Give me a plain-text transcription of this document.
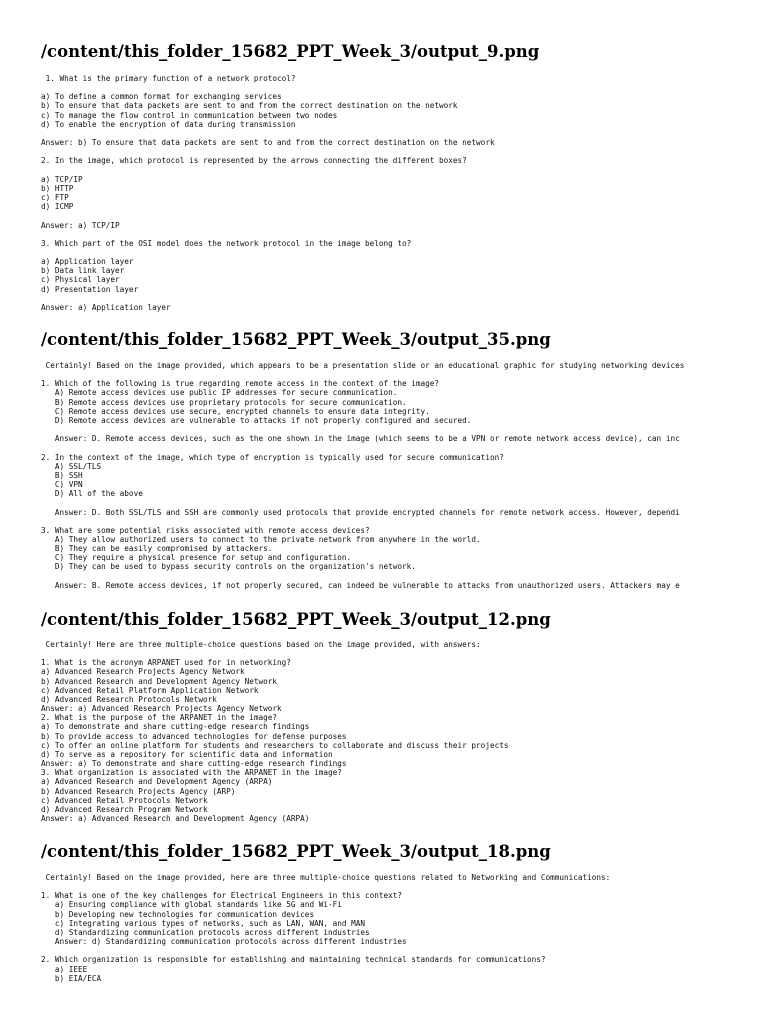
/content/this_folder_15682_PPT_Week_3/output_9.png
1. What is the primary function of a network protocol?

a) To define a common format for exchanging services
b) To ensure that data packets are sent to and from the correct destination on the network
c) To manage the flow control in communication between two nodes
d) To enable the encryption of data during transmission

Answer: b) To ensure that data packets are sent to and from the correct destination on the network

2. In the image, which protocol is represented by the arrows connecting the different boxes?

a) TCP/IP
b) HTTP
c) FTP
d) ICMP

Answer: a) TCP/IP

3. Which part of the OSI model does the network protocol in the image belong to?

a) Application layer
b) Data link layer
c) Physical layer
d) Presentation layer

Answer: a) Application layer
/content/this_folder_15682_PPT_Week_3/output_35.png
Certainly! Based on the image provided, which appears to be a presentation slide or an educational graphic for studying networking devices

1. Which of the following is true regarding remote access in the context of the image?
A) Remote access devices use public IP addresses for secure communication.
B) Remote access devices use proprietary protocols for secure communication.
C) Remote access devices use secure, encrypted channels to ensure data integrity.
D) Remote access devices are vulnerable to attacks if not properly configured and secured.

Answer: D. Remote access devices, such as the one shown in the image (which seems to be a VPN or remote network access device), can inc

2. In the context of the image, which type of encryption is typically used for secure communication?
A) SSL/TLS
B) SSH
C) VPN
D) All of the above

Answer: D. Both SSL/TLS and SSH are commonly used protocols that provide encrypted channels for remote network access. However, dependi

3. What are some potential risks associated with remote access devices?
A) They allow authorized users to connect to the private network from anywhere in the world.
B) They can be easily compromised by attackers.
C) They require a physical presence for setup and configuration.
D) They can be used to bypass security controls on the organization's network.

Answer: B. Remote access devices, if not properly secured, can indeed be vulnerable to attacks from unauthorized users. Attackers may e
/content/this_folder_15682_PPT_Week_3/output_12.png
Certainly! Here are three multiple-choice questions based on the image provided, with answers:

1. What is the acronym ARPANET used for in networking?
a) Advanced Research Projects Agency Network
b) Advanced Research and Development Agency Network
c) Advanced Retail Platform Application Network
d) Advanced Research Protocols Network
Answer: a) Advanced Research Projects Agency Network
2. What is the purpose of the ARPANET in the image?
a) To demonstrate and share cutting-edge research findings
b) To provide access to advanced technologies for defense purposes
c) To offer an online platform for students and researchers to collaborate and discuss their projects
d) To serve as a repository for scientific data and information
Answer: a) To demonstrate and share cutting-edge research findings
3. What organization is associated with the ARPANET in the image?
a) Advanced Research and Development Agency (ARPA)
b) Advanced Research Projects Agency (ARP)
c) Advanced Retail Protocols Network
d) Advanced Research Program Network
Answer: a) Advanced Research and Development Agency (ARPA)
/content/this_folder_15682_PPT_Week_3/output_18.png
Certainly! Based on the image provided, here are three multiple-choice questions related to Networking and Communications:

1. What is one of the key challenges for Electrical Engineers in this context?
a) Ensuring compliance with global standards like 5G and Wi-Fi
b) Developing new technologies for communication devices
c) Integrating various types of networks, such as LAN, WAN, and MAN
d) Standardizing communication protocols across different industries
Answer: d) Standardizing communication protocols across different industries

2. Which organization is responsible for establishing and maintaining technical standards for communications?
a) IEEE
b) EIA/ECA
